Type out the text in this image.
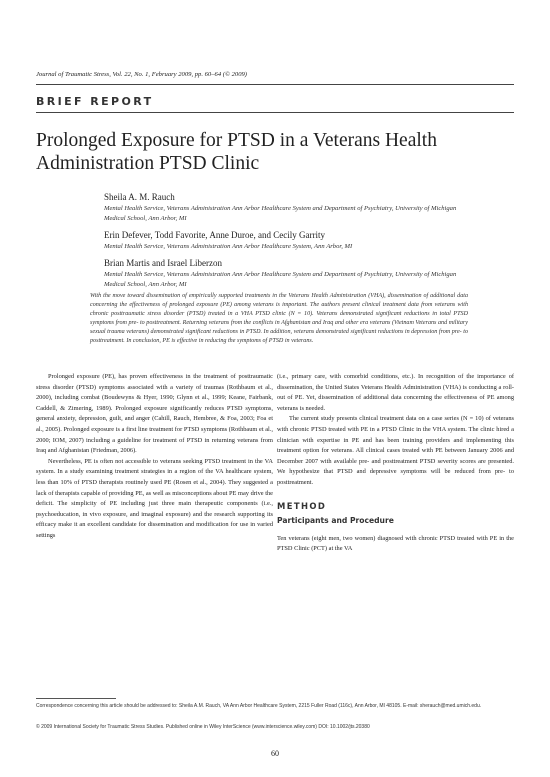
Journal of Traumatic Stress, Vol. 22, No. 1, February 2009, pp. 60–64 (© 2009)
BRIEF REPORT
Prolonged Exposure for PTSD in a Veterans Health Administration PTSD Clinic
Sheila A. M. Rauch
Mental Health Service, Veterans Administration Ann Arbor Healthcare System and Department of Psychiatry, University of Michigan Medical School, Ann Arbor, MI
Erin Defever, Todd Favorite, Anne Duroe, and Cecily Garrity
Mental Health Service, Veterans Administration Ann Arbor Healthcare System, Ann Arbor, MI
Brian Martis and Israel Liberzon
Mental Health Service, Veterans Administration Ann Arbor Healthcare System and Department of Psychiatry, University of Michigan Medical School, Ann Arbor, MI
With the move toward dissemination of empirically supported treatments in the Veterans Health Administration (VHA), dissemination of additional data concerning the effectiveness of prolonged exposure (PE) among veterans is important. The authors present clinical treatment data from veterans with chronic posttraumatic stress disorder (PTSD) treated in a VHA PTSD clinic (N = 10). Veterans demonstrated significant reductions in total PTSD symptoms from pre- to posttreatment. Returning veterans from the conflicts in Afghanistan and Iraq and other era veterans (Vietnam Veterans and military sexual trauma veterans) demonstrated significant reductions in PTSD. In addition, veterans demonstrated significant reductions in depression from pre- to posttreatment. In conclusion, PE is effective in reducing the symptoms of PTSD in veterans.

Prolonged exposure (PE), has proven effectiveness in the treatment of posttraumatic stress disorder (PTSD) symptoms associated with a variety of traumas (Rothbaum et al., 2000), including combat (Boudewyns & Hyer, 1990; Glynn et al., 1999; Keane, Fairbank, Caddell, & Zimering, 1989). Prolonged exposure significantly reduces PTSD symptoms, general anxiety, depression, guilt, and anger (Cahill, Rauch, Hembree, & Foa, 2003; Foa et al., 2005). Prolonged exposure is a first line treatment for PTSD symptoms (Rothbaum et al., 2000; IOM, 2007) including a guideline for treatment of PTSD in returning veterans from Iraq and Afghanistan (Friedman, 2006).

Nevertheless, PE is often not accessible to veterans seeking PTSD treatment in the VA system. In a study examining treatment strategies in a region of the VA healthcare system, less than 10% of PTSD therapists routinely used PE (Rosen et al., 2004). They suggested a lack of therapists capable of providing PE, as well as misconceptions about PE may drive the deficit. The simplicity of PE including just three main therapeutic components (i.e., psychoeducation, in vivo exposure, and imaginal exposure) and the research supporting its efficacy make it an excellent candidate for dissemination and modification for use in varied settings

(i.e., primary care, with comorbid conditions, etc.). In recognition of the importance of dissemination, the United States Veterans Health Administration (VHA) is conducting a roll-out of PE. Yet, dissemination of additional data concerning the effectiveness of PE among veterans is needed.

The current study presents clinical treatment data on a case series (N = 10) of veterans with chronic PTSD treated with PE in a PTSD Clinic in the VHA system. The clinic hired a clinician with expertise in PE and has been training providers and implementing this treatment option for veterans. All clinical cases treated with PE between January 2006 and December 2007 with available pre- and posttreatment PTSD severity scores are presented. We hypothesize that PTSD and depressive symptoms will be reduced from pre- to posttreatment.

METHOD
Participants and Procedure

Ten veterans (eight men, two women) diagnosed with chronic PTSD treated with PE in the PTSD Clinic (PCT) at the VA

Correspondence concerning this article should be addressed to: Sheila A.M. Rauch, VA Ann Arbor Healthcare System, 2215 Fuller Road (116c), Ann Arbor, MI 48105. E-mail: sherauch@med.umich.edu.
© 2009 International Society for Traumatic Stress Studies. Published online in Wiley InterScience (www.interscience.wiley.com) DOI: 10.1002/jts.20380
60
